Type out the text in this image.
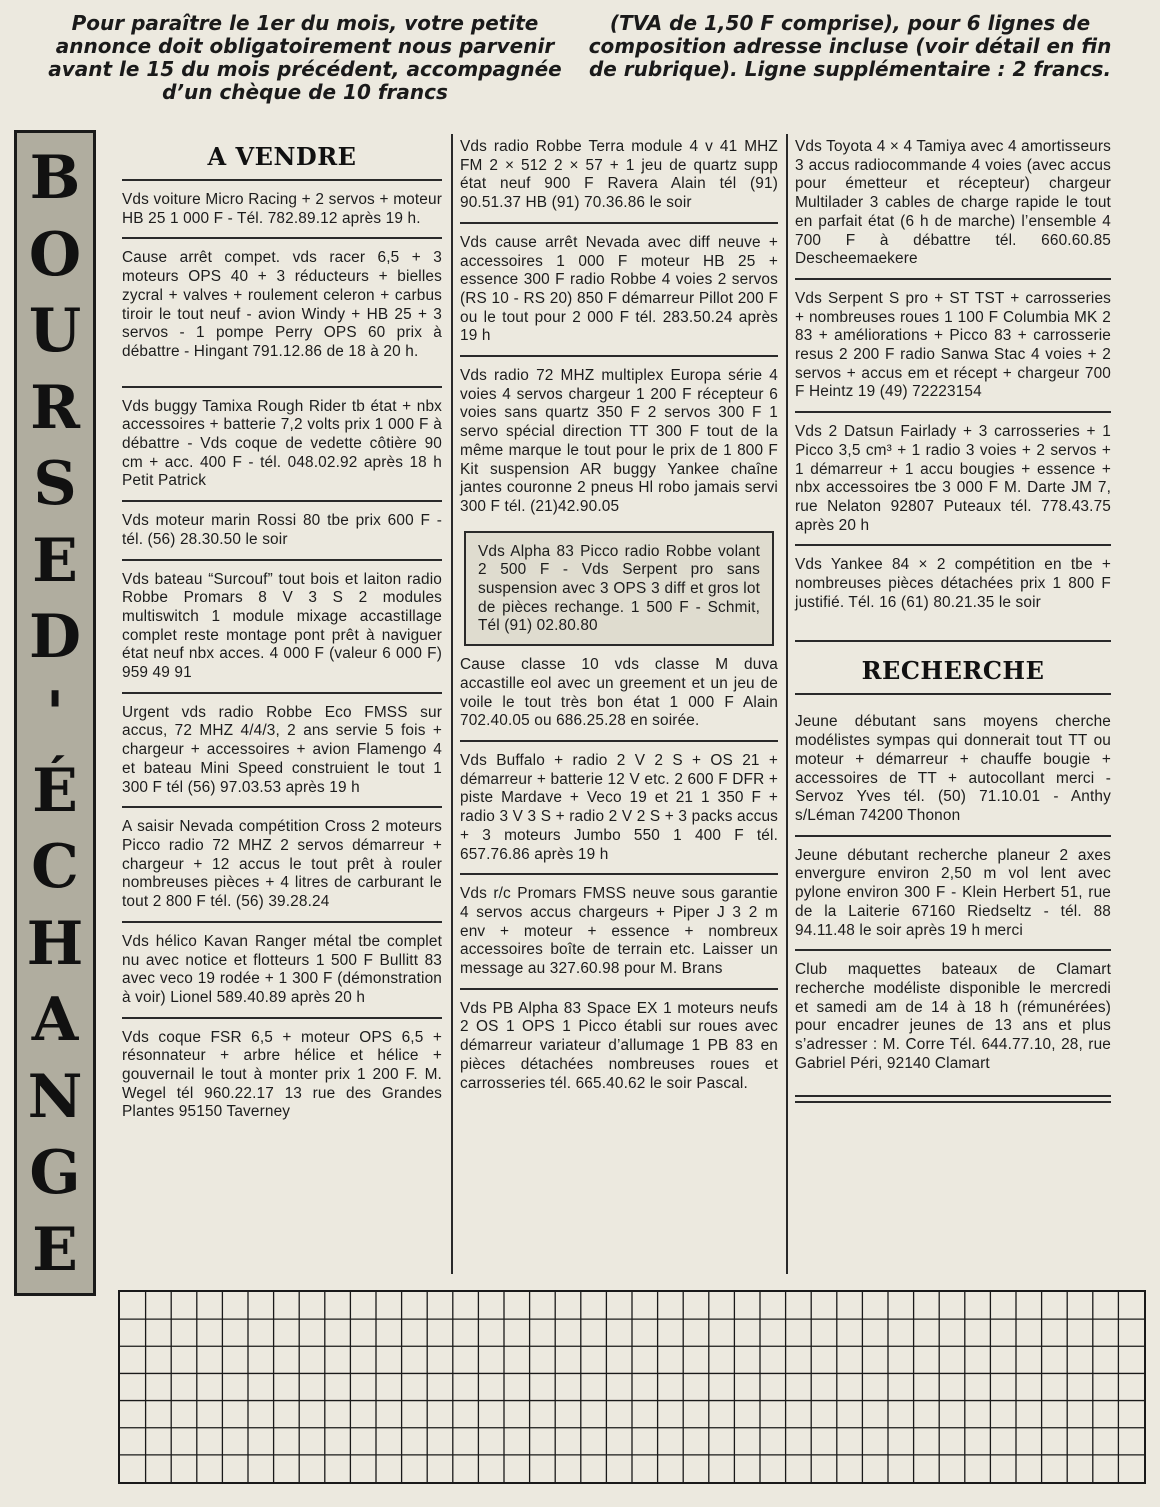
Pour paraître le 1er du mois, votre petite annonce doit obligatoirement nous parvenir avant le 15 du mois précédent, accompagnée d’un chèque de 10 francs
(TVA de 1,50 F comprise), pour 6 lignes de composition adresse incluse (voir détail en fin de rubrique). Ligne supplémentaire : 2 francs.
B
O
U
R
S
E
D
'
É
C
H
A
N
G
E
A VENDRE

Vds voiture Micro Racing + 2 servos + moteur HB 25 1 000 F - Tél. 782.89.12 après 19 h.

Cause arrêt compet. vds racer 6,5 + 3 moteurs OPS 40 + 3 réducteurs + bielles zycral + valves + roulement celeron + carbus tiroir le tout neuf - avion Windy + HB 25 + 3 servos - 1 pompe Perry OPS 60 prix à débattre - Hingant 791.12.86 de 18 à 20 h.

Vds buggy Tamixa Rough Rider tb état + nbx accessoires + batterie 7,2 volts prix 1 000 F à débattre - Vds coque de vedette côtière 90 cm + acc. 400 F - tél. 048.02.92 après 18 h Petit Patrick

Vds moteur marin Rossi 80 tbe prix 600 F - tél. (56) 28.30.50 le soir

Vds bateau “Surcouf” tout bois et laiton radio Robbe Promars 8 V 3 S 2 modules multiswitch 1 module mixage accastillage complet reste montage pont prêt à naviguer état neuf nbx acces. 4 000 F (valeur 6 000 F) 959 49 91

Urgent vds radio Robbe Eco FMSS sur accus, 72 MHZ 4/4/3, 2 ans servie 5 fois + chargeur + accessoires + avion Flamengo 4 et bateau Mini Speed construient le tout 1 300 F tél (56) 97.03.53 après 19 h

A saisir Nevada compétition Cross 2 moteurs Picco radio 72 MHZ 2 servos démarreur + chargeur + 12 accus le tout prêt à rouler nombreuses pièces + 4 litres de carburant le tout 2 800 F tél. (56) 39.28.24

Vds hélico Kavan Ranger métal tbe complet nu avec notice et flotteurs 1 500 F Bullitt 83 avec veco 19 rodée + 1 300 F (démonstration à voir) Lionel 589.40.89 après 20 h

Vds coque FSR 6,5 + moteur OPS 6,5 + résonnateur + arbre hélice et hélice + gouvernail le tout à monter prix 1 200 F. M. Wegel tél 960.22.17 13 rue des Grandes Plantes 95150 Taverney

Vds radio Robbe Terra module 4 v 41 MHZ FM 2 × 512 2 × 57 + 1 jeu de quartz supp état neuf 900 F Ravera Alain tél (91) 90.51.37 HB (91) 70.36.86 le soir

Vds cause arrêt Nevada avec diff neuve + accessoires 1 000 F moteur HB 25 + essence 300 F radio Robbe 4 voies 2 servos (RS 10 - RS 20) 850 F démarreur Pillot 200 F ou le tout pour 2 000 F tél. 283.50.24 après 19 h

Vds radio 72 MHZ multiplex Europa série 4 voies 4 servos chargeur 1 200 F récepteur 6 voies sans quartz 350 F 2 servos 300 F 1 servo spécial direction TT 300 F tout de la même marque le tout pour le prix de 1 800 F Kit suspension AR buggy Yankee chaîne jantes couronne 2 pneus Hl robo jamais servi 300 F tél. (21)42.90.05

Vds Alpha 83 Picco radio Robbe volant 2 500 F - Vds Serpent pro sans suspension avec 3 OPS 3 diff et gros lot de pièces rechange. 1 500 F - Schmit, Tél (91) 02.80.80

Cause classe 10 vds classe M duva accastille eol avec un greement et un jeu de voile le tout très bon état 1 000 F Alain 702.40.05 ou 686.25.28 en soirée.

Vds Buffalo + radio 2 V 2 S + OS 21 + démarreur + batterie 12 V etc. 2 600 F DFR + piste Mardave + Veco 19 et 21 1 350 F + radio 3 V 3 S + radio 2 V 2 S + 3 packs accus + 3 moteurs Jumbo 550 1 400 F tél. 657.76.86 après 19 h

Vds r/c Promars FMSS neuve sous garantie 4 servos accus chargeurs + Piper J 3 2 m env + moteur + essence + nombreux accessoires boîte de terrain etc. Laisser un message au 327.60.98 pour M. Brans

Vds PB Alpha 83 Space EX 1 moteurs neufs 2 OS 1 OPS 1 Picco établi sur roues avec démarreur variateur d’allumage 1 PB 83 en pièces détachées nombreuses roues et carrosseries tél. 665.40.62 le soir Pascal.

Vds Toyota 4 × 4 Tamiya avec 4 amortisseurs 3 accus radiocommande 4 voies (avec accus pour émetteur et récepteur) chargeur Multilader 3 cables de charge rapide le tout en parfait état (6 h de marche) l’ensemble 4 700 F à débattre tél. 660.60.85 Descheemaekere

Vds Serpent S pro + ST TST + carrosseries + nombreuses roues 1 100 F Columbia MK 2 83 + améliorations + Picco 83 + carrosserie resus 2 200 F radio Sanwa Stac 4 voies + 2 servos + accus em et récept + chargeur 700 F Heintz 19 (49) 72223154

Vds 2 Datsun Fairlady + 3 carrosseries + 1 Picco 3,5 cm³ + 1 radio 3 voies + 2 servos + 1 démarreur + 1 accu bougies + essence + nbx accessoires tbe 3 000 F M. Darte JM 7, rue Nelaton 92807 Puteaux tél. 778.43.75 après 20 h

Vds Yankee 84 × 2 compétition en tbe + nombreuses pièces détachées prix 1 800 F justifié. Tél. 16 (61) 80.21.35 le soir

RECHERCHE

Jeune débutant sans moyens cherche modélistes sympas qui donnerait tout TT ou moteur + démarreur + chauffe bougie + accessoires de TT + autocollant merci - Servoz Yves tél. (50) 71.10.01 - Anthy s/Léman 74200 Thonon

Jeune débutant recherche planeur 2 axes envergure environ 2,50 m vol lent avec pylone environ 300 F - Klein Herbert 51, rue de la Laiterie 67160 Riedseltz - tél. 88 94.11.48 le soir après 19 h merci

Club maquettes bateaux de Clamart recherche modéliste disponible le mercredi et samedi am de 14 à 18 h (rémunérées) pour encadrer jeunes de 13 ans et plus s’adresser : M. Corre Tél. 644.77.10, 28, rue Gabriel Péri, 92140 Clamart
